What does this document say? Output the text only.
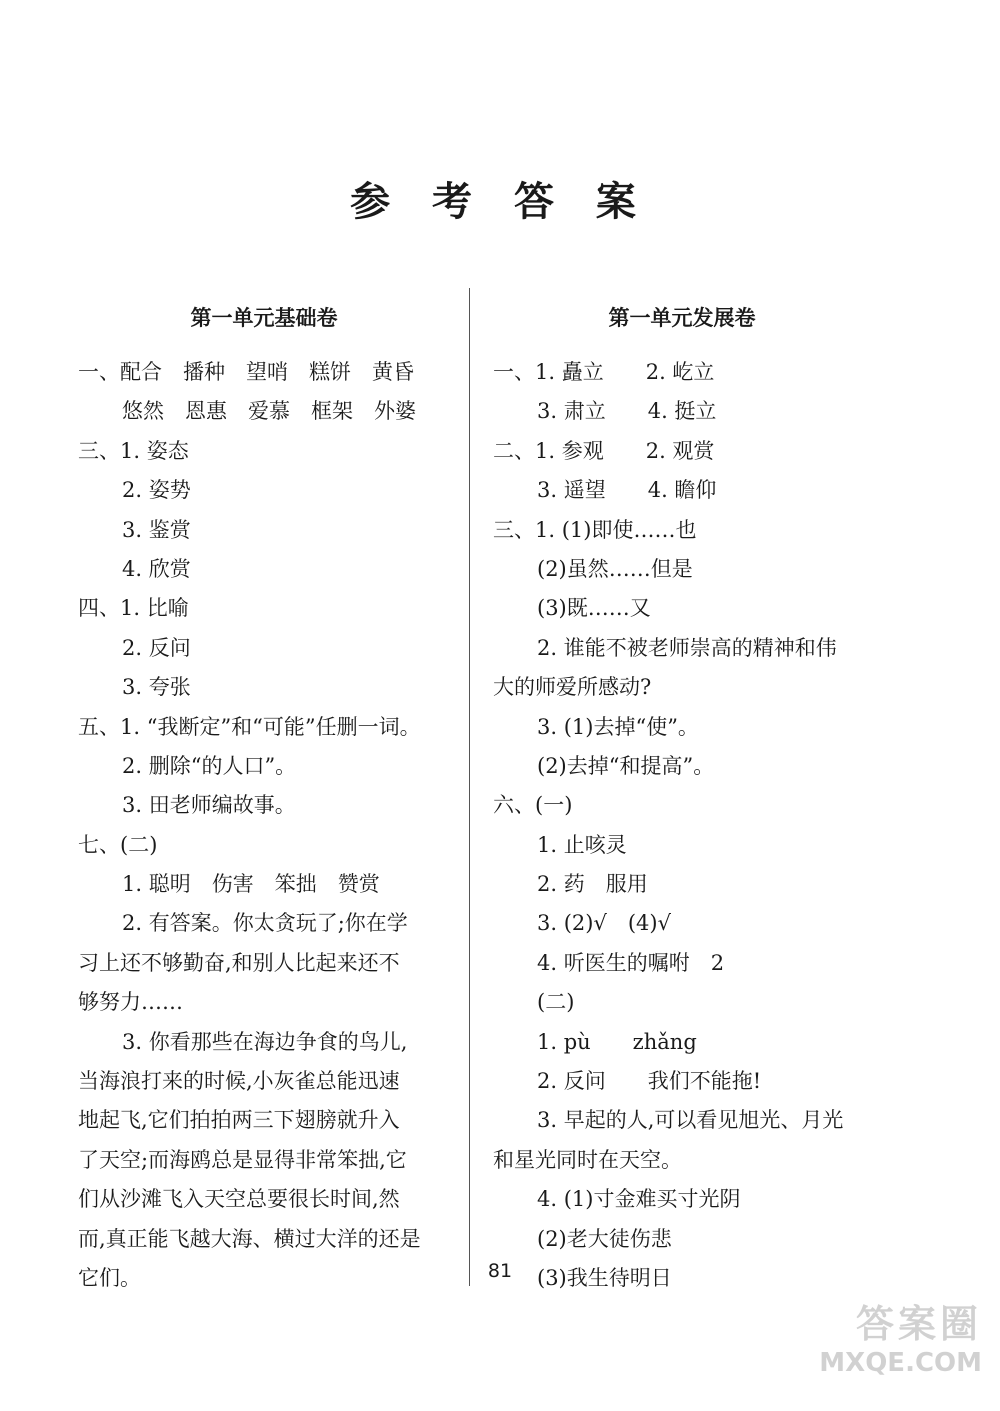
参 考 答 案
第一单元基础卷
一、配合　播种　望哨　糕饼　黄昏
悠然　恩惠　爱慕　框架　外婆
三、1. 姿态
2. 姿势
3. 鉴赏
4. 欣赏
四、1. 比喻
2. 反问
3. 夸张
五、1. “我断定”和“可能”任删一词。
2. 删除“的人口”。
3. 田老师编故事。
七、(二)
1. 聪明　伤害　笨拙　赞赏
2. 有答案。你太贪玩了;你在学
习上还不够勤奋,和别人比起来还不
够努力……
3. 你看那些在海边争食的鸟儿,
当海浪打来的时候,小灰雀总能迅速
地起飞,它们拍拍两三下翅膀就升入
了天空;而海鸥总是显得非常笨拙,它
们从沙滩飞入天空总要很长时间,然
而,真正能飞越大海、横过大洋的还是
它们。
第一单元发展卷
一、1. 矗立　　2. 屹立
3. 肃立　　4. 挺立
二、1. 参观　　2. 观赏
3. 遥望　　4. 瞻仰
三、1. (1)即使……也
(2)虽然……但是
(3)既……又
2. 谁能不被老师崇高的精神和伟
大的师爱所感动?
3. (1)去掉“使”。
(2)去掉“和提高”。
六、(一)
1. 止咳灵
2. 药　服用
3. (2)√　(4)√
4. 听医生的嘱咐　2
(二)
1. pù　　zhǎng
2. 反问　　我们不能拖!
3. 早起的人,可以看见旭光、月光
和星光同时在天空。
4. (1)寸金难买寸光阴
(2)老大徒伤悲
(3)我生待明日
81
答案圈
MXQE.COM
